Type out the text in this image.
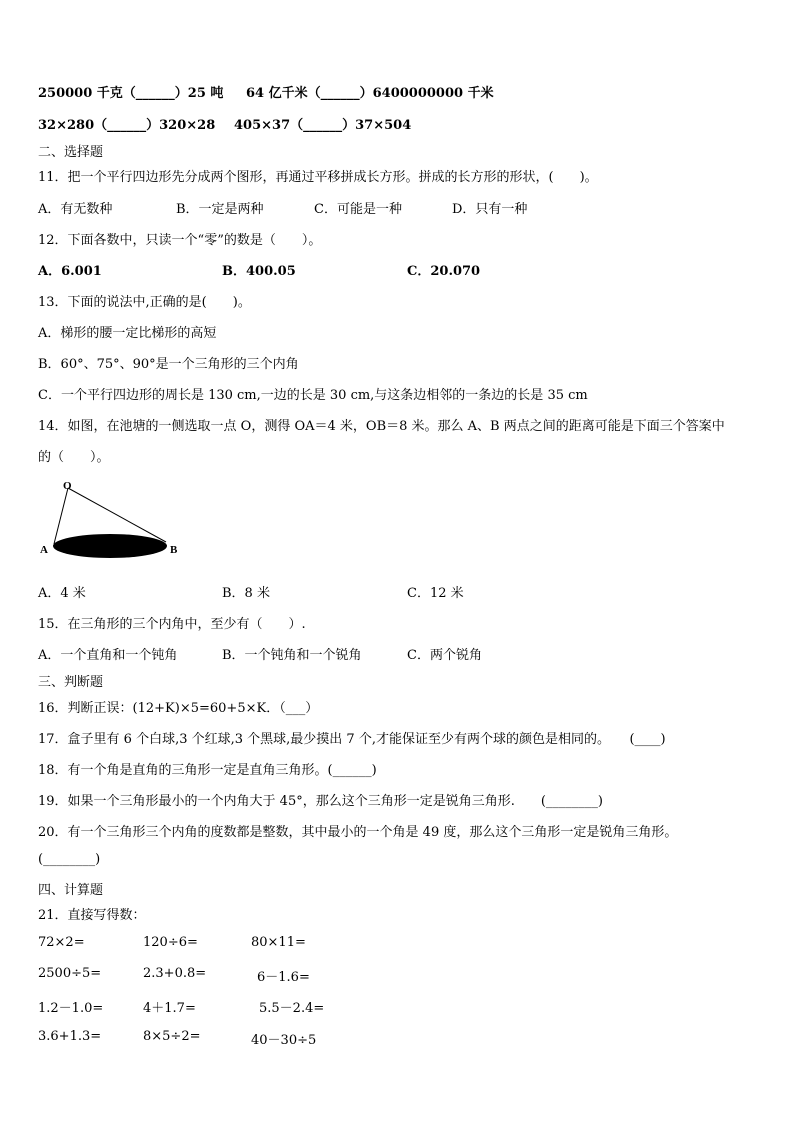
250000 千克（______）25 吨 64 亿千米（______）6400000000 千米
32×280（______）320×28 405×37（______）37×504
二、选择题
11．把一个平行四边形先分成两个图形，再通过平移拼成长方形。拼成的长方形的形状，(　　)。
A．有无数种	B．一定是两种	C．可能是一种	D．只有一种
12．下面各数中，只读一个“零”的数是（　　）。
A．6.001	B．400.05	C．20.070
13．下面的说法中,正确的是(　　)。
A．梯形的腰一定比梯形的高短
B．60°、75°、90°是一个三角形的三个内角
C．一个平行四边形的周长是 130 cm,一边的长是 30 cm,与这条边相邻的一条边的长是 35 cm
14．如图，在池塘的一侧选取一点 O，测得 OA＝4 米，OB＝8 米。那么 A、B 两点之间的距离可能是下面三个答案中
的（　　）。
O
A	B
A．4 米	B．8 米	C．12 米
15．在三角形的三个内角中，至少有（　　）.
A．一个直角和一个钝角	B．一个钝角和一个锐角	C．两个锐角
三、判断题
16．判断正误：(12+K)×5=60+5×K．（___）
17．盒子里有 6 个白球,3 个红球,3 个黑球,最少摸出 7 个,才能保证至少有两个球的颜色是相同的。　　(____)
18．有一个角是直角的三角形一定是直角三角形。(______)
19．如果一个三角形最小的一个内角大于 45°，那么这个三角形一定是锐角三角形.　　(________)
20．有一个三角形三个内角的度数都是整数，其中最小的一个角是 49 度，那么这个三角形一定是锐角三角形。
(________)
四、计算题
21．直接写得数：
72×2=	120÷6=	80×11=
2500÷5=	2.3+0.8=	6－1.6=
1.2－1.0=	4＋1.7=	5.5－2.4=
3.6+1.3=	8×5÷2=	40－30÷5
